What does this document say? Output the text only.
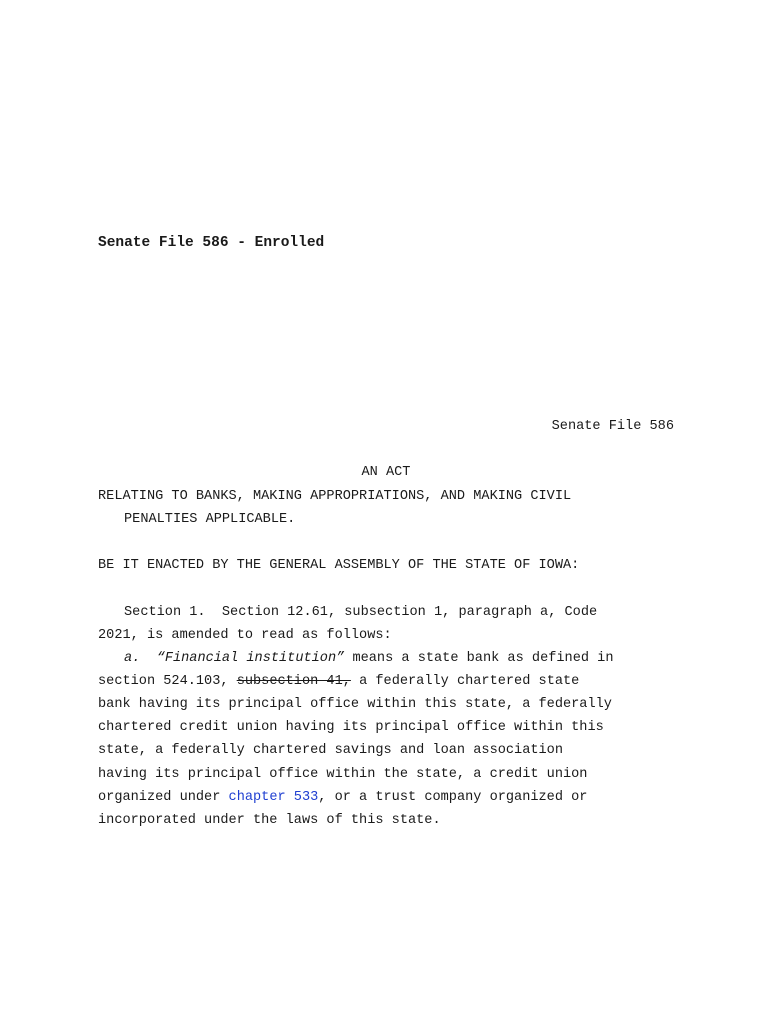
Senate File 586 - Enrolled
Senate File 586
AN ACT
RELATING TO BANKS, MAKING APPROPRIATIONS, AND MAKING CIVIL
PENALTIES APPLICABLE.
BE IT ENACTED BY THE GENERAL ASSEMBLY OF THE STATE OF IOWA:
Section 1.  Section 12.61, subsection 1, paragraph a, Code
2021, is amended to read as follows:
a. “Financial institution” means a state bank as defined in
section 524.103, subsection 41, a federally chartered state
bank having its principal office within this state, a federally
chartered credit union having its principal office within this
state, a federally chartered savings and loan association
having its principal office within the state, a credit union
organized under chapter 533, or a trust company organized or
incorporated under the laws of this state.
